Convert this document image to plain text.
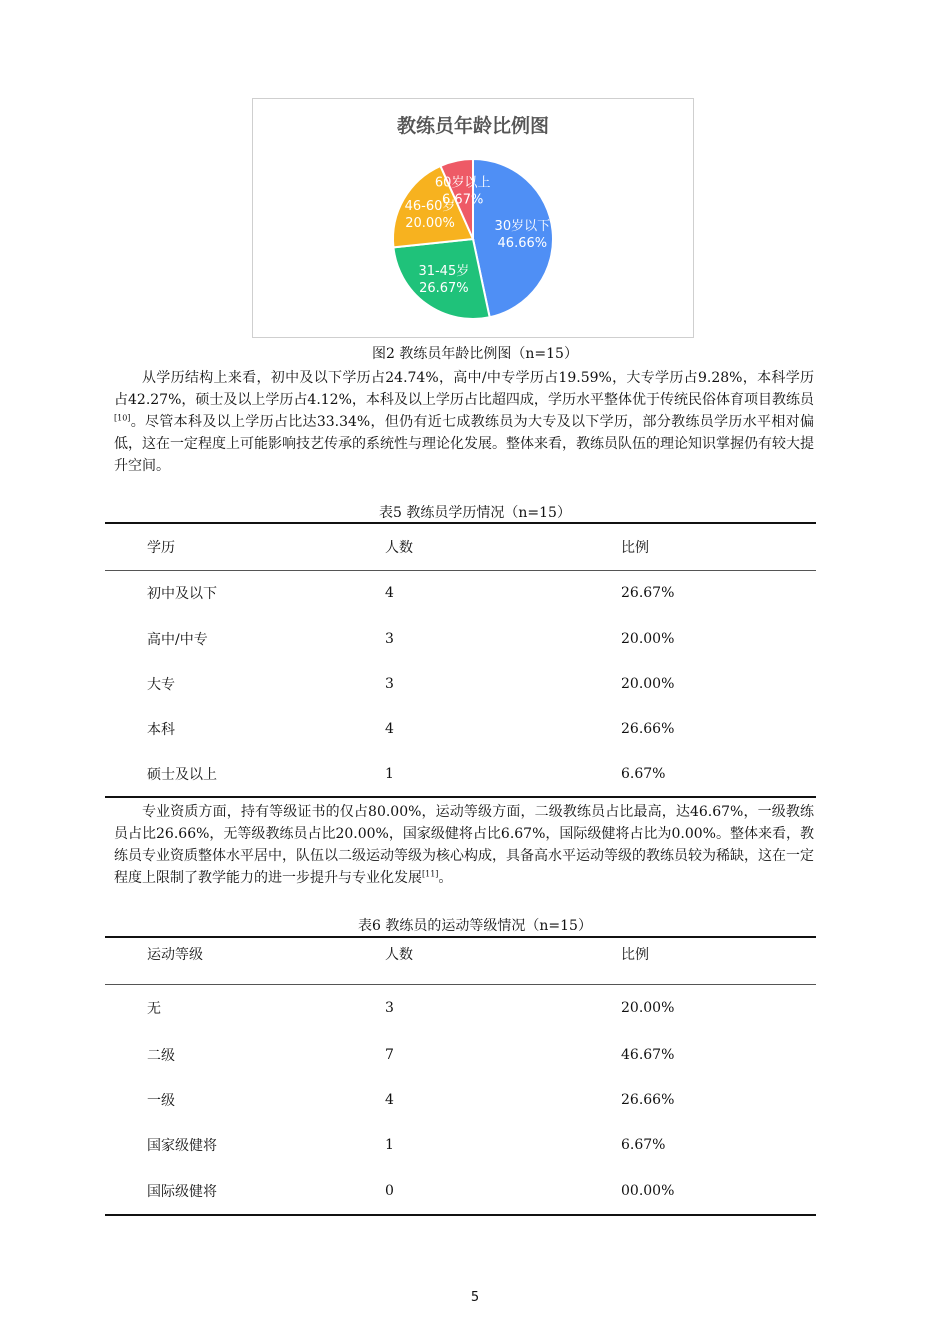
教练员年龄比例图
30岁以下
46.66%
31-45岁
26.67%
46-60岁
20.00%
60岁以上
6.67%
图2 教练员年龄比例图（n=15）

从学历结构上来看，初中及以下学历占24.74%，高中/中专学历占19.59%，大专学历占9.28%，本科学历占42.27%，硕士及以上学历占4.12%，本科及以上学历占比超四成，学历水平整体优于传统民俗体育项目教练员[10]。尽管本科及以上学历占比达33.34%，但仍有近七成教练员为大专及以下学历，部分教练员学历水平相对偏低，这在一定程度上可能影响技艺传承的系统性与理论化发展。整体来看，教练员队伍的理论知识掌握仍有较大提升空间。

表5 教练员学历情况（n=15）
学历	人数	比例
初中及以下	4	26.67%
高中/中专	3	20.00%
大专	3	20.00%
本科	4	26.66%
硕士及以上	1	6.67%

专业资质方面，持有等级证书的仅占80.00%，运动等级方面，二级教练员占比最高，达46.67%，一级教练员占比26.66%，无等级教练员占比20.00%，国家级健将占比6.67%，国际级健将占比为0.00%。整体来看，教练员专业资质整体水平居中，队伍以二级运动等级为核心构成，具备高水平运动等级的教练员较为稀缺，这在一定程度上限制了教学能力的进一步提升与专业化发展[11]。

表6 教练员的运动等级情况（n=15）
运动等级	人数	比例
无	3	20.00%
二级	7	46.67%
一级	4	26.66%
国家级健将	1	6.67%
国际级健将	0	00.00%
5
